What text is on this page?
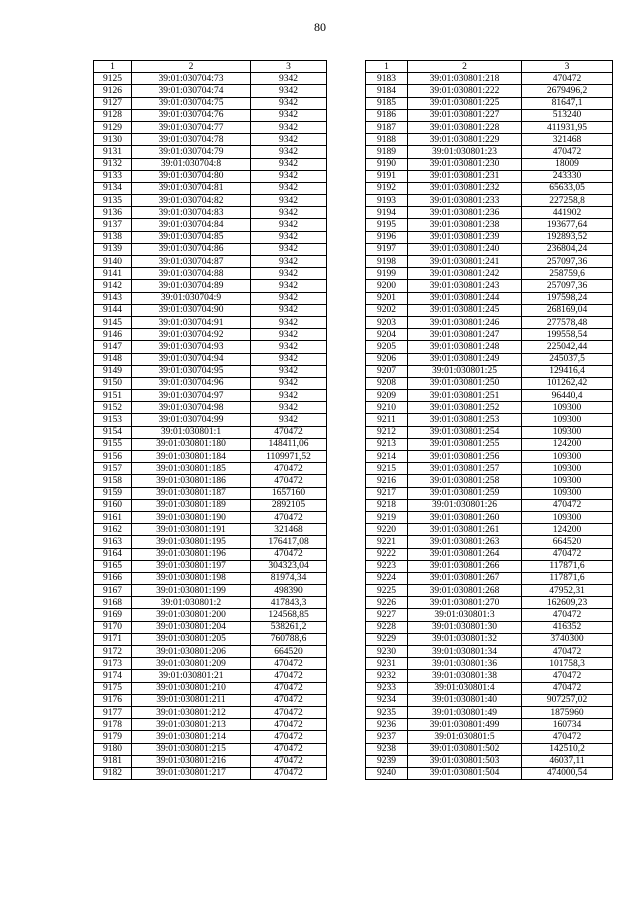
80
1	2	3
9125	39:01:030704:73	9342
9126	39:01:030704:74	9342
9127	39:01:030704:75	9342
9128	39:01:030704:76	9342
9129	39:01:030704:77	9342
9130	39:01:030704:78	9342
9131	39:01:030704:79	9342
9132	39:01:030704:8	9342
9133	39:01:030704:80	9342
9134	39:01:030704:81	9342
9135	39:01:030704:82	9342
9136	39:01:030704:83	9342
9137	39:01:030704:84	9342
9138	39:01:030704:85	9342
9139	39:01:030704:86	9342
9140	39:01:030704:87	9342
9141	39:01:030704:88	9342
9142	39:01:030704:89	9342
9143	39:01:030704:9	9342
9144	39:01:030704:90	9342
9145	39:01:030704:91	9342
9146	39:01:030704:92	9342
9147	39:01:030704:93	9342
9148	39:01:030704:94	9342
9149	39:01:030704:95	9342
9150	39:01:030704:96	9342
9151	39:01:030704:97	9342
9152	39:01:030704:98	9342
9153	39:01:030704:99	9342
9154	39:01:030801:1	470472
9155	39:01:030801:180	148411,06
9156	39:01:030801:184	1109971,52
9157	39:01:030801:185	470472
9158	39:01:030801:186	470472
9159	39:01:030801:187	1657160
9160	39:01:030801:189	2892105
9161	39:01:030801:190	470472
9162	39:01:030801:191	321468
9163	39:01:030801:195	176417,08
9164	39:01:030801:196	470472
9165	39:01:030801:197	304323,04
9166	39:01:030801:198	81974,34
9167	39:01:030801:199	498390
9168	39:01:030801:2	417843,3
9169	39:01:030801:200	124568,85
9170	39:01:030801:204	538261,2
9171	39:01:030801:205	760788,6
9172	39:01:030801:206	664520
9173	39:01:030801:209	470472
9174	39:01:030801:21	470472
9175	39:01:030801:210	470472
9176	39:01:030801:211	470472
9177	39:01:030801:212	470472
9178	39:01:030801:213	470472
9179	39:01:030801:214	470472
9180	39:01:030801:215	470472
9181	39:01:030801:216	470472
9182	39:01:030801:217	470472
1	2	3
9183	39:01:030801:218	470472
9184	39:01:030801:222	2679496,2
9185	39:01:030801:225	81647,1
9186	39:01:030801:227	513240
9187	39:01:030801:228	411931,95
9188	39:01:030801:229	321468
9189	39:01:030801:23	470472
9190	39:01:030801:230	18009
9191	39:01:030801:231	243330
9192	39:01:030801:232	65633,05
9193	39:01:030801:233	227258,8
9194	39:01:030801:236	441902
9195	39:01:030801:238	193677,64
9196	39:01:030801:239	192893,52
9197	39:01:030801:240	236804,24
9198	39:01:030801:241	257097,36
9199	39:01:030801:242	258759,6
9200	39:01:030801:243	257097,36
9201	39:01:030801:244	197598,24
9202	39:01:030801:245	268169,04
9203	39:01:030801:246	277578,48
9204	39:01:030801:247	199558,54
9205	39:01:030801:248	225042,44
9206	39:01:030801:249	245037,5
9207	39:01:030801:25	129416,4
9208	39:01:030801:250	101262,42
9209	39:01:030801:251	96440,4
9210	39:01:030801:252	109300
9211	39:01:030801:253	109300
9212	39:01:030801:254	109300
9213	39:01:030801:255	124200
9214	39:01:030801:256	109300
9215	39:01:030801:257	109300
9216	39:01:030801:258	109300
9217	39:01:030801:259	109300
9218	39:01:030801:26	470472
9219	39:01:030801:260	109300
9220	39:01:030801:261	124200
9221	39:01:030801:263	664520
9222	39:01:030801:264	470472
9223	39:01:030801:266	117871,6
9224	39:01:030801:267	117871,6
9225	39:01:030801:268	47952,31
9226	39:01:030801:270	162609,23
9227	39:01:030801:3	470472
9228	39:01:030801:30	416352
9229	39:01:030801:32	3740300
9230	39:01:030801:34	470472
9231	39:01:030801:36	101758,3
9232	39:01:030801:38	470472
9233	39:01:030801:4	470472
9234	39:01:030801:40	907257,02
9235	39:01:030801:49	1875960
9236	39:01:030801:499	160734
9237	39:01:030801:5	470472
9238	39:01:030801:502	142510,2
9239	39:01:030801:503	46037,11
9240	39:01:030801:504	474000,54
